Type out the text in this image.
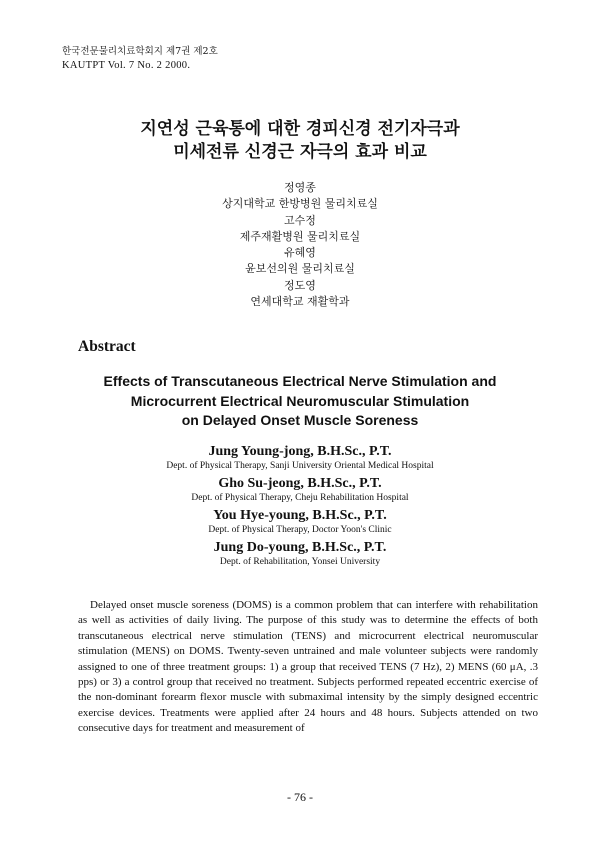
한국전문물리치료학회지 제7권 제2호
KAUTPT Vol. 7 No. 2 2000.
지연성 근육통에 대한 경피신경 전기자극과
미세전류 신경근 자극의 효과 비교
정영종
상지대학교 한방병원 물리치료실
고수정
제주재활병원 물리치료실
유혜영
윤보선의원 물리치료실
정도영
연세대학교 재활학과
Abstract
Effects of Transcutaneous Electrical Nerve Stimulation and
Microcurrent Electrical Neuromuscular Stimulation
on Delayed Onset Muscle Soreness
Jung Young-jong, B.H.Sc., P.T.
Dept. of Physical Therapy, Sanji University Oriental Medical Hospital
Gho Su-jeong, B.H.Sc., P.T.
Dept. of Physical Therapy, Cheju Rehabilitation Hospital
You Hye-young, B.H.Sc., P.T.
Dept. of Physical Therapy, Doctor Yoon's Clinic
Jung Do-young, B.H.Sc., P.T.
Dept. of Rehabilitation, Yonsei University

Delayed onset muscle soreness (DOMS) is a common problem that can interfere with rehabilitation as well as activities of daily living. The purpose of this study was to determine the effects of both transcutaneous electrical nerve stimulation (TENS) and microcurrent electrical neuromuscular stimulation (MENS) on DOMS. Twenty-seven untrained and male volunteer subjects were randomly assigned to one of three treatment groups: 1) a group that received TENS (7 Hz), 2) MENS (60 μA, .3 pps) or 3) a control group that received no treatment. Subjects performed repeated eccentric exercise of the non-dominant forearm flexor muscle with submaximal intensity by the simply designed eccentric exercise devices. Treatments were applied after 24 hours and 48 hours. Subjects attended on two consecutive days for treatment and measurement of

- 76 -
